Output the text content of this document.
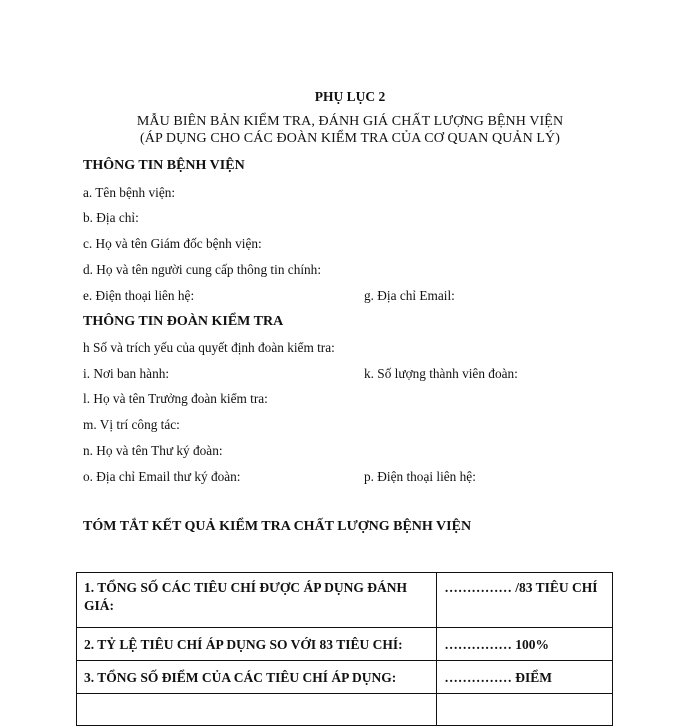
PHỤ LỤC 2
MẪU BIÊN BẢN KIỂM TRA, ĐÁNH GIÁ CHẤT LƯỢNG BỆNH VIỆN
(ÁP DỤNG CHO CÁC ĐOÀN KIỂM TRA CỦA CƠ QUAN QUẢN LÝ)
THÔNG TIN BỆNH VIỆN
a. Tên bệnh viện:
b. Địa chỉ:
c. Họ và tên Giám đốc bệnh viện:
d. Họ và tên người cung cấp thông tin chính:
e. Điện thoại liên hệ:	g. Địa chỉ Email:
THÔNG TIN ĐOÀN KIỂM TRA
h Số và trích yếu của quyết định đoàn kiểm tra:
i. Nơi ban hành:	k. Số lượng thành viên đoàn:
l. Họ và tên Trưởng đoàn kiểm tra:
m. Vị trí công tác:
n. Họ và tên Thư ký đoàn:
o. Địa chỉ Email thư ký đoàn:	p. Điện thoại liên hệ:
TÓM TẮT KẾT QUẢ KIỂM TRA CHẤT LƯỢNG BỆNH VIỆN
1. TỔNG SỐ CÁC TIÊU CHÍ ĐƯỢC ÁP DỤNG ĐÁNH GIÁ:	…………… /83 TIÊU CHÍ
2. TỶ LỆ TIÊU CHÍ ÁP DỤNG SO VỚI 83 TIÊU CHÍ:	…………… 100%
3. TỔNG SỐ ĐIỂM CỦA CÁC TIÊU CHÍ ÁP DỤNG:	…………… ĐIỂM
